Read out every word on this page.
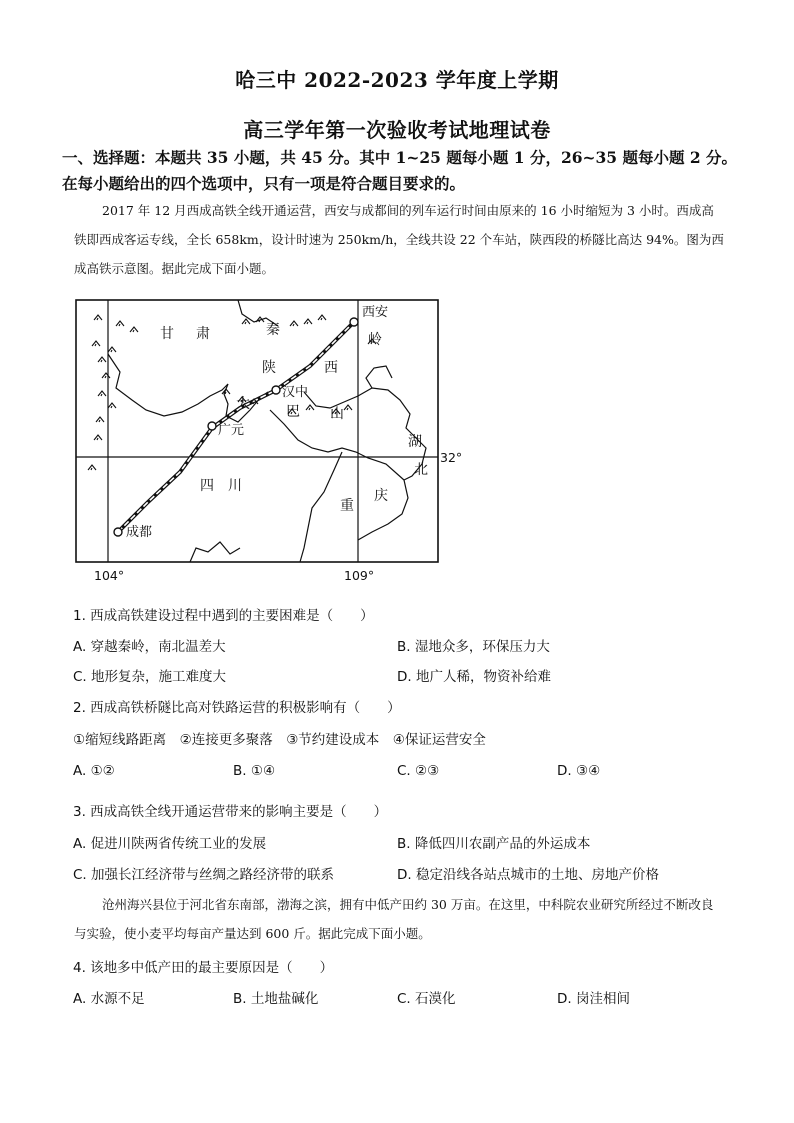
哈三中 2022-2023 学年度上学期
高三学年第一次验收考试地理试卷
一、选择题：本题共 35 小题，共 45 分。其中 1~25 题每小题 1 分，26~35 题每小题 2 分。在每小题给出的四个选项中，只有一项是符合题目要求的。

2017 年 12 月西成高铁全线开通运营，西安与成都间的列车运行时间由原来的 16 小时缩短为 3 小时。西成高铁即西成客运专线，全长 658km，设计时速为 250km/h，全线共设 22 个车站，陕西段的桥隧比高达 94%。图为西成高铁示意图。据此完成下面小题。

甘 肃	秦
岭
陕	西
大	巴 山
四 川
重
庆
湖
北
西安
汉中
广元
成都
104°	109°
32°
1. 西成高铁建设过程中遇到的主要困难是（　　）
A. 穿越秦岭，南北温差大	B. 湿地众多，环保压力大
C. 地形复杂，施工难度大	D. 地广人稀，物资补给难
2. 西成高铁桥隧比高对铁路运营的积极影响有（　　）
①缩短线路距离　②连接更多聚落　③节约建设成本　④保证运营安全
A. ①②	B. ①④	C. ②③	D. ③④
3. 西成高铁全线开通运营带来的影响主要是（　　）
A. 促进川陕两省传统工业的发展	B. 降低四川农副产品的外运成本
C. 加强长江经济带与丝绸之路经济带的联系	D. 稳定沿线各站点城市的土地、房地产价格

沧州海兴县位于河北省东南部，渤海之滨，拥有中低产田约 30 万亩。在这里，中科院农业研究所经过不断改良与实验，使小麦平均每亩产量达到 600 斤。据此完成下面小题。

4. 该地多中低产田的最主要原因是（　　）
A. 水源不足	B. 土地盐碱化	C. 石漠化	D. 岗洼相间
